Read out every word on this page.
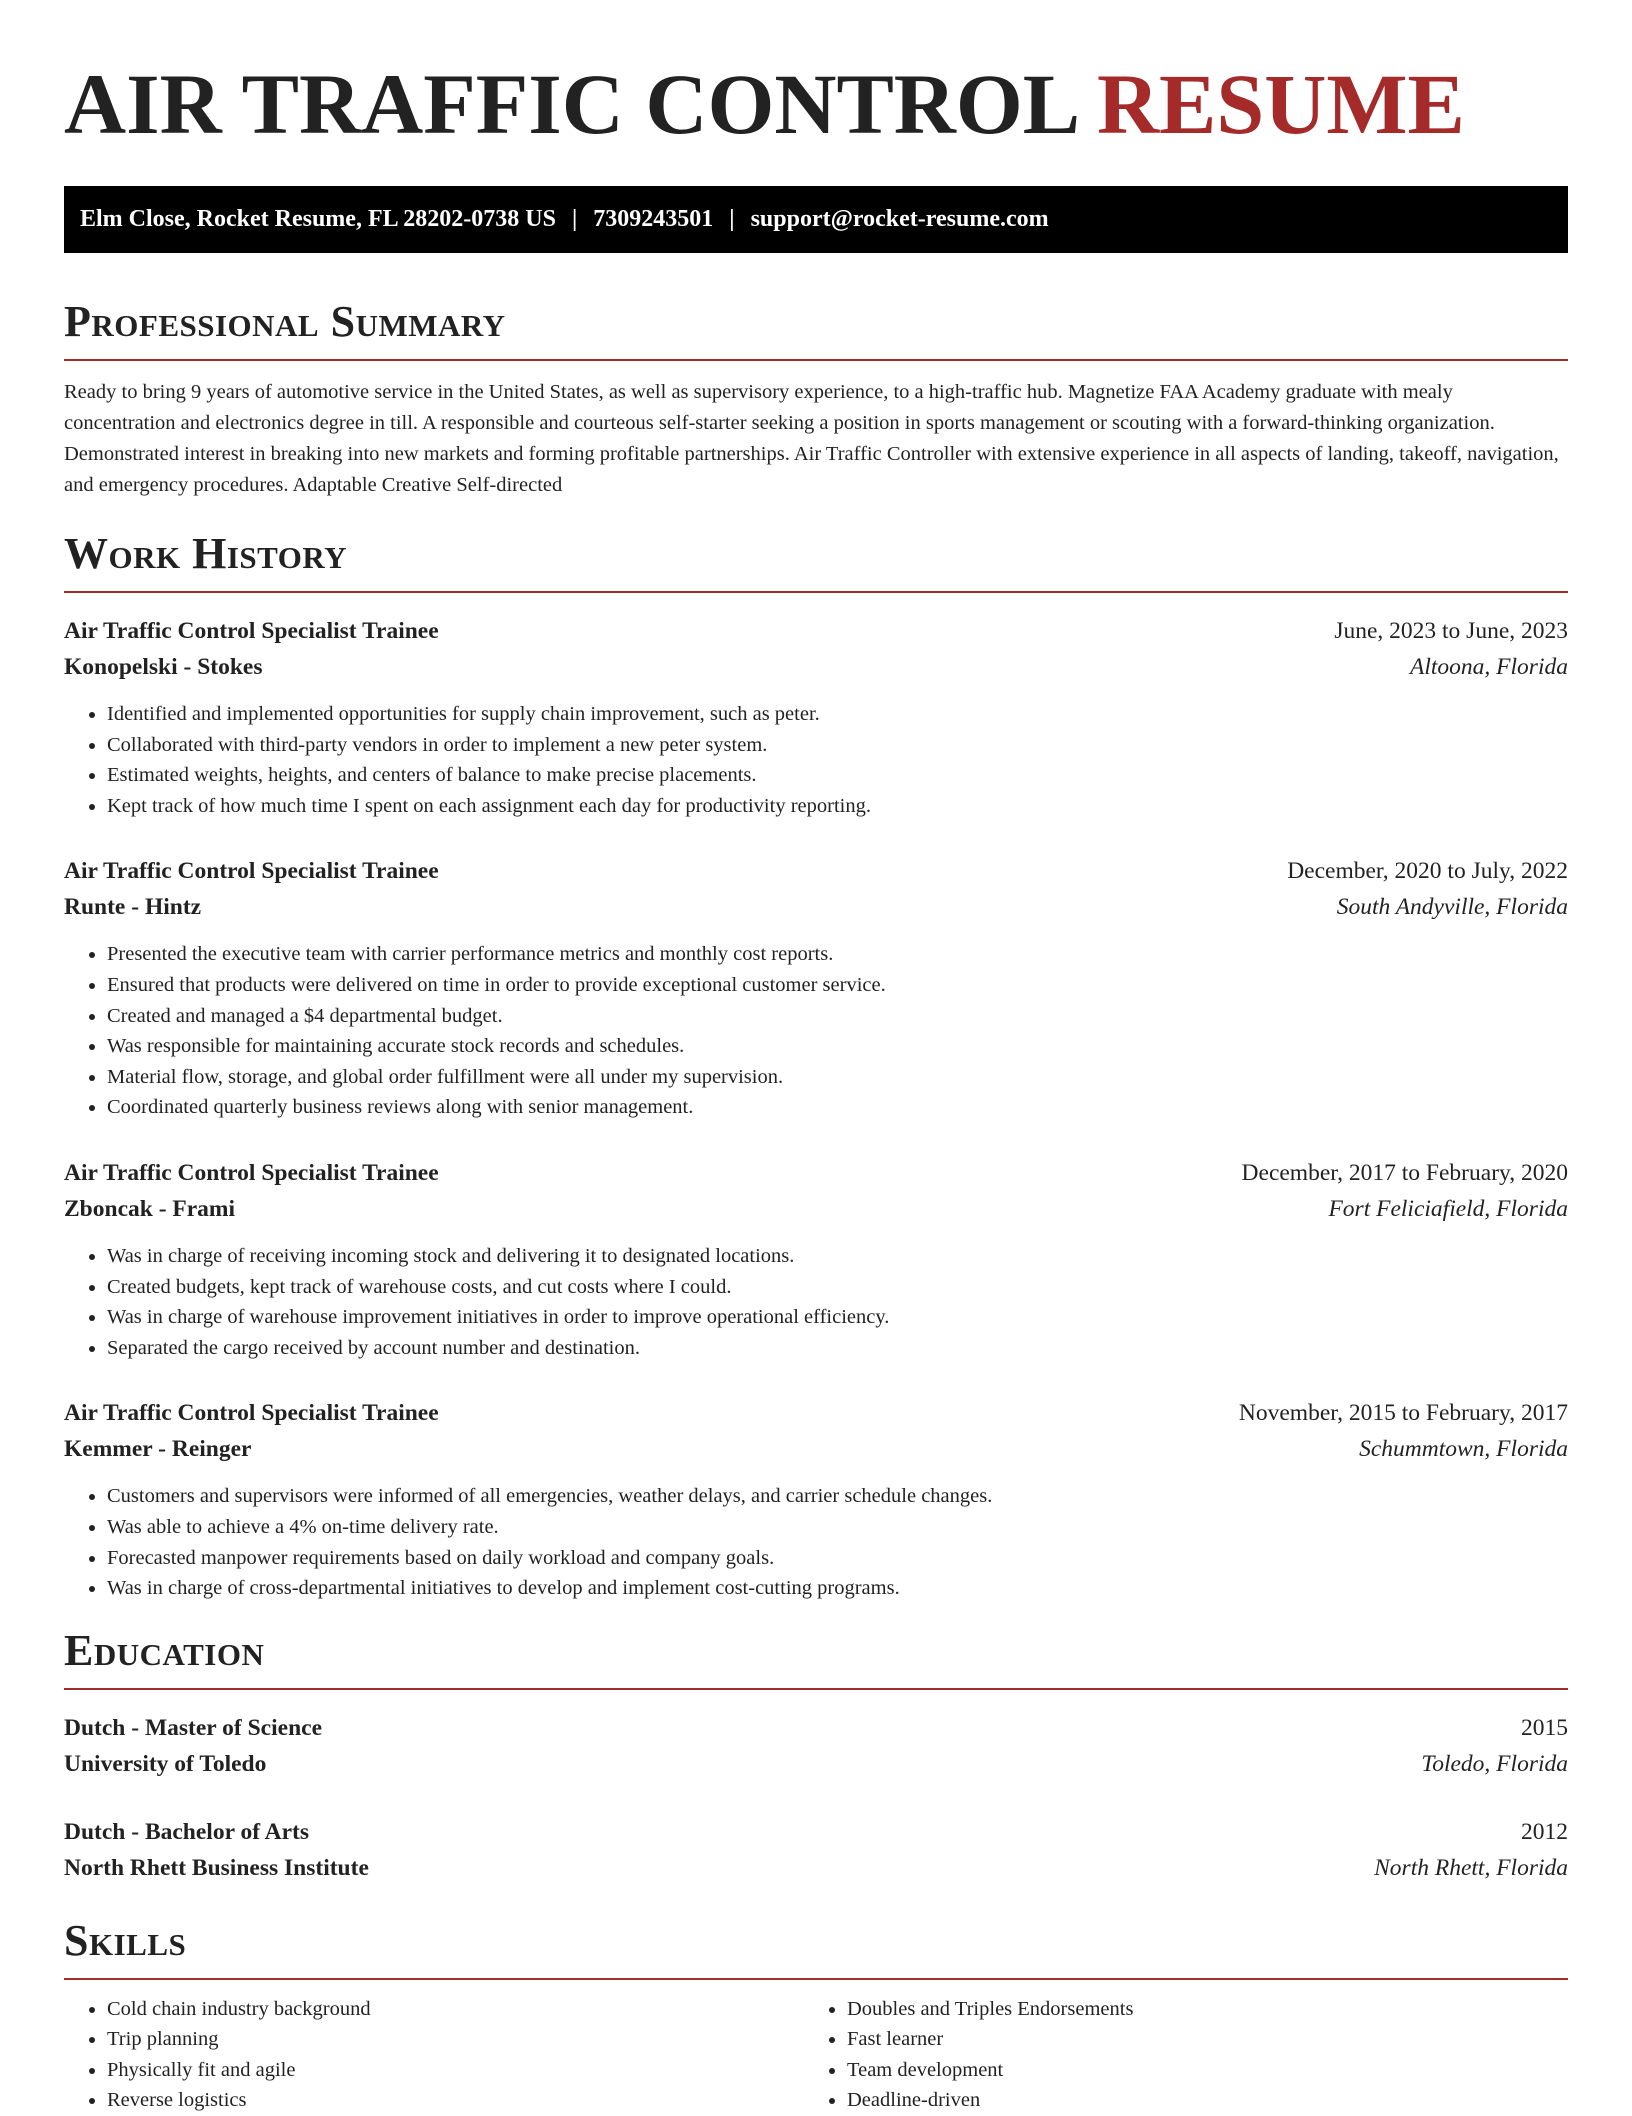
AIR TRAFFIC CONTROL RESUME
Elm Close, Rocket Resume, FL 28202-0738 US | 7309243501 | support@rocket-resume.com
Professional Summary
Ready to bring 9 years of automotive service in the United States, as well as supervisory experience, to a high-traffic hub. Magnetize FAA Academy graduate with mealy concentration and electronics degree in till. A responsible and courteous self-starter seeking a position in sports management or scouting with a forward-thinking organization. Demonstrated interest in breaking into new markets and forming profitable partnerships. Air Traffic Controller with extensive experience in all aspects of landing, takeoff, navigation, and emergency procedures. Adaptable Creative Self-directed
Work History
Air Traffic Control Specialist Trainee	June, 2023 to June, 2023
Konopelski - Stokes	Altoona, Florida
• Identified and implemented opportunities for supply chain improvement, such as peter.
• Collaborated with third-party vendors in order to implement a new peter system.
• Estimated weights, heights, and centers of balance to make precise placements.
• Kept track of how much time I spent on each assignment each day for productivity reporting.
Air Traffic Control Specialist Trainee	December, 2020 to July, 2022
Runte - Hintz	South Andyville, Florida
• Presented the executive team with carrier performance metrics and monthly cost reports.
• Ensured that products were delivered on time in order to provide exceptional customer service.
• Created and managed a $4 departmental budget.
• Was responsible for maintaining accurate stock records and schedules.
• Material flow, storage, and global order fulfillment were all under my supervision.
• Coordinated quarterly business reviews along with senior management.
Air Traffic Control Specialist Trainee	December, 2017 to February, 2020
Zboncak - Frami	Fort Feliciafield, Florida
• Was in charge of receiving incoming stock and delivering it to designated locations.
• Created budgets, kept track of warehouse costs, and cut costs where I could.
• Was in charge of warehouse improvement initiatives in order to improve operational efficiency.
• Separated the cargo received by account number and destination.
Air Traffic Control Specialist Trainee	November, 2015 to February, 2017
Kemmer - Reinger	Schummtown, Florida
• Customers and supervisors were informed of all emergencies, weather delays, and carrier schedule changes.
• Was able to achieve a 4% on-time delivery rate.
• Forecasted manpower requirements based on daily workload and company goals.
• Was in charge of cross-departmental initiatives to develop and implement cost-cutting programs.
Education
Dutch - Master of Science	2015
University of Toledo	Toledo, Florida
Dutch - Bachelor of Arts	2012
North Rhett Business Institute	North Rhett, Florida
Skills
• Cold chain industry background
• Trip planning
• Physically fit and agile
• Reverse logistics
• Doubles and Triples Endorsements
• Fast learner
• Team development
• Deadline-driven
